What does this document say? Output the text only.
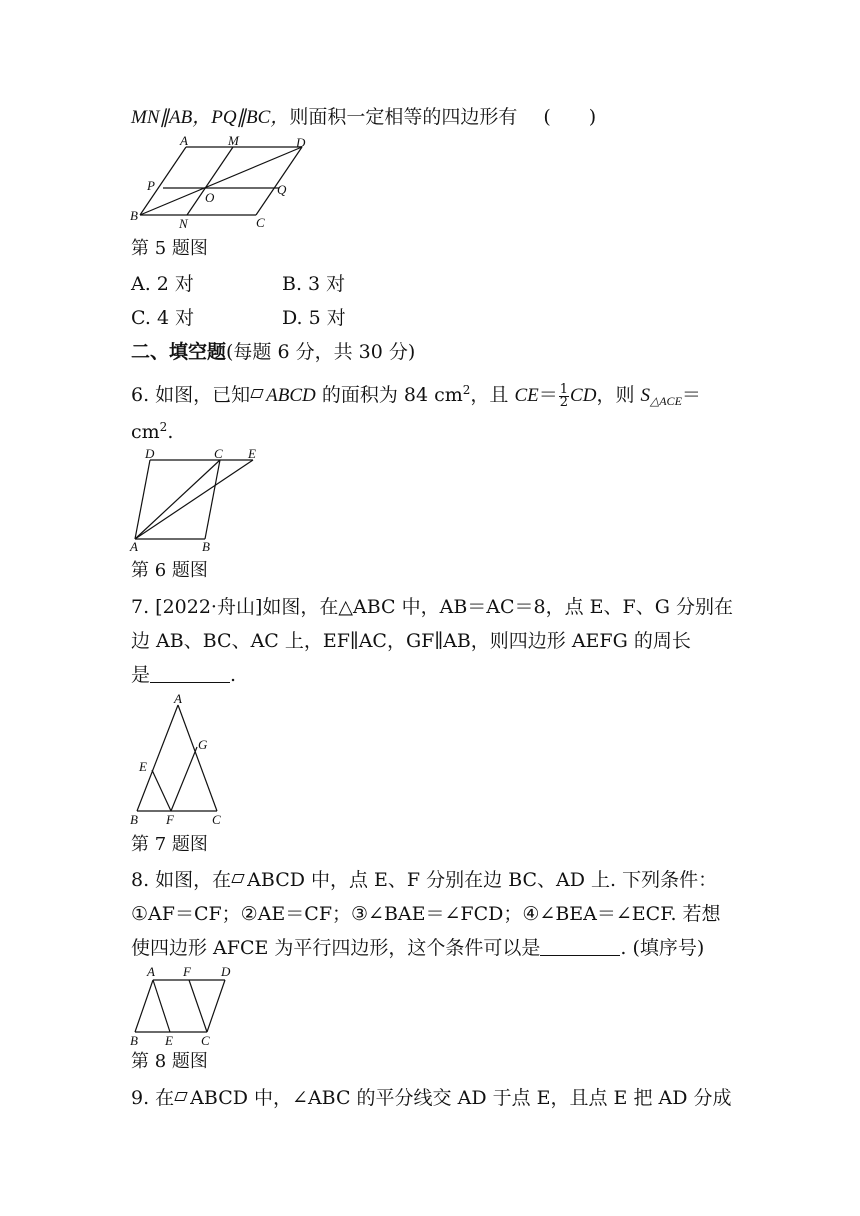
MN∥AB，PQ∥BC，则面积一定相等的四边形有 (　　)
A	M	D
P
O
Q
B
N	C
第 5 题图
A. 2 对	B. 3 对
C. 4 对	D. 5 对
二、填空题(每题 6 分，共 30 分)
6. 如图，已知 ABCD 的面积为 84 $cm^2$，且 $CE= \frac{1}{2}$ CD，则 $S_{\triangle ACE}=$
$cm^2$.
D	C E
A	B
第 6 题图
7. [2022·舟山]如图，在△ABC 中，AB＝AC＝8，点 E、F、G 分别在
边 AB、BC、AC 上，EF∥AC，GF∥AB，则四边形 AEFG 的周长
是	.
A
G
E
B F	C
第 7 题图
8. 如图，在 ABCD 中，点 E、F 分别在边 BC、AD 上. 下列条件：
①AF＝CF；②AE＝CF；③∠BAE＝∠FCD；④∠BEA＝∠ECF. 若想
使四边形 AFCE 为平行四边形，这个条件可以是	. (填序号)
A F D
B E C
第 8 题图
9. 在 ABCD 中，∠ABC 的平分线交 AD 于点 E，且点 E 把 AD 分成
